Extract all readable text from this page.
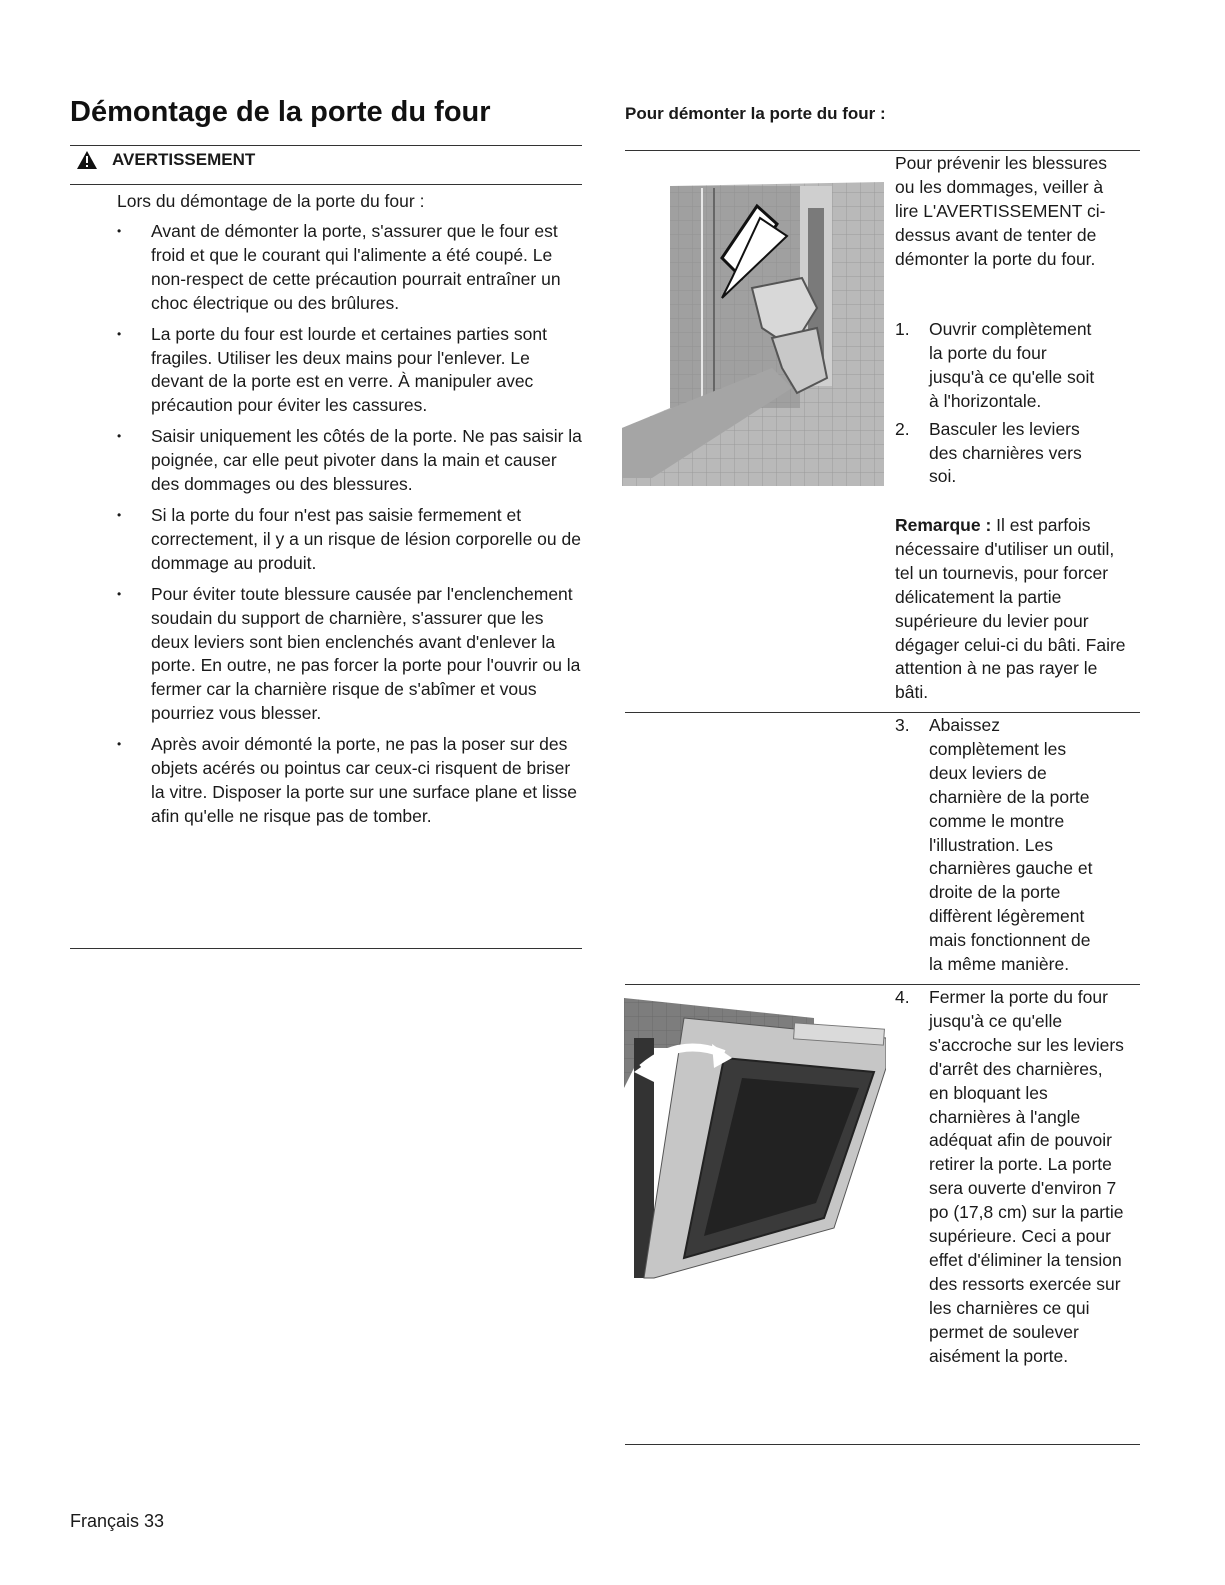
Démontage de la porte du four
AVERTISSEMENT
Lors du démontage de la porte du four :
• Avant de démonter la porte, s'assurer que le four est froid et que le courant qui l'alimente a été coupé. Le non-respect de cette précaution pourrait entraîner un choc électrique ou des brûlures.
• La porte du four est lourde et certaines parties sont fragiles. Utiliser les deux mains pour l'enlever. Le devant de la porte est en verre. À manipuler avec précaution pour éviter les cassures.
• Saisir uniquement les côtés de la porte. Ne pas saisir la poignée, car elle peut pivoter dans la main et causer des dommages ou des blessures.
• Si la porte du four n'est pas saisie fermement et correctement, il y a un risque de lésion corporelle ou de dommage au produit.
• Pour éviter toute blessure causée par l'enclenchement soudain du support de charnière, s'assurer que les deux leviers sont bien enclenchés avant d'enlever la porte. En outre, ne pas forcer la porte pour l'ouvrir ou la fermer car la charnière risque de s'abîmer et vous pourriez vous blesser.
• Après avoir démonté la porte, ne pas la poser sur des objets acérés ou pointus car ceux-ci risquent de briser la vitre. Disposer la porte sur une surface plane et lisse afin qu'elle ne risque pas de tomber.
Français 33
Pour démonter la porte du four :
Pour prévenir les blessures ou les dommages, veiller à lire L'AVERTISSEMENT ci-dessus avant de tenter de démonter la porte du four.
1. Ouvrir complètement la porte du four jusqu'à ce qu'elle soit à l'horizontale.
2. Basculer les leviers des charnières vers soi.
Remarque : Il est parfois nécessaire d'utiliser un outil, tel un tournevis, pour forcer délicatement la partie supérieure du levier pour dégager celui-ci du bâti. Faire attention à ne pas rayer le bâti.
3. Abaissez complètement les deux leviers de charnière de la porte comme le montre l'illustration. Les charnières gauche et droite de la porte diffèrent légèrement mais fonctionnent de la même manière.
4. Fermer la porte du four jusqu'à ce qu'elle s'accroche sur les leviers d'arrêt des charnières, en bloquant les charnières à l'angle adéquat afin de pouvoir retirer la porte. La porte sera ouverte d'environ 7 po (17,8 cm) sur la partie supérieure. Ceci a pour effet d'éliminer la tension des ressorts exercée sur les charnières ce qui permet de soulever aisément la porte.
